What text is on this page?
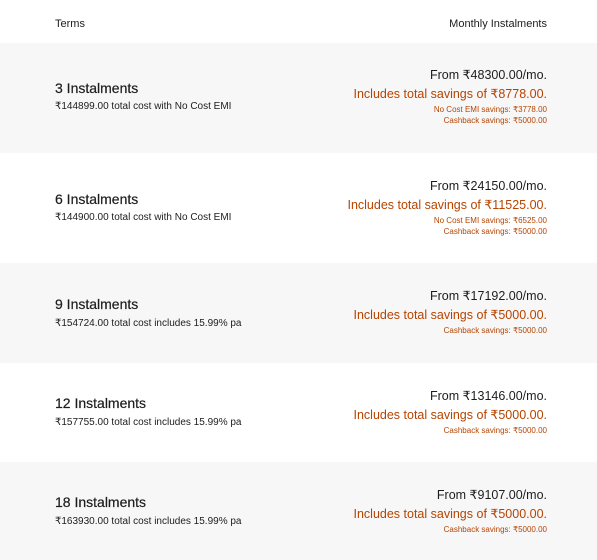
Terms	Monthly Instalments
3 Instalments
₹144899.00 total cost with No Cost EMI
From ₹48300.00/mo.
Includes total savings of ₹8778.00.
No Cost EMI savings: ₹3778.00
Cashback savings: ₹5000.00
6 Instalments
₹144900.00 total cost with No Cost EMI
From ₹24150.00/mo.
Includes total savings of ₹11525.00.
No Cost EMI savings: ₹6525.00
Cashback savings: ₹5000.00
9 Instalments
₹154724.00 total cost includes 15.99% pa
From ₹17192.00/mo.
Includes total savings of ₹5000.00.
Cashback savings: ₹5000.00
12 Instalments
₹157755.00 total cost includes 15.99% pa
From ₹13146.00/mo.
Includes total savings of ₹5000.00.
Cashback savings: ₹5000.00
18 Instalments
₹163930.00 total cost includes 15.99% pa
From ₹9107.00/mo.
Includes total savings of ₹5000.00.
Cashback savings: ₹5000.00
